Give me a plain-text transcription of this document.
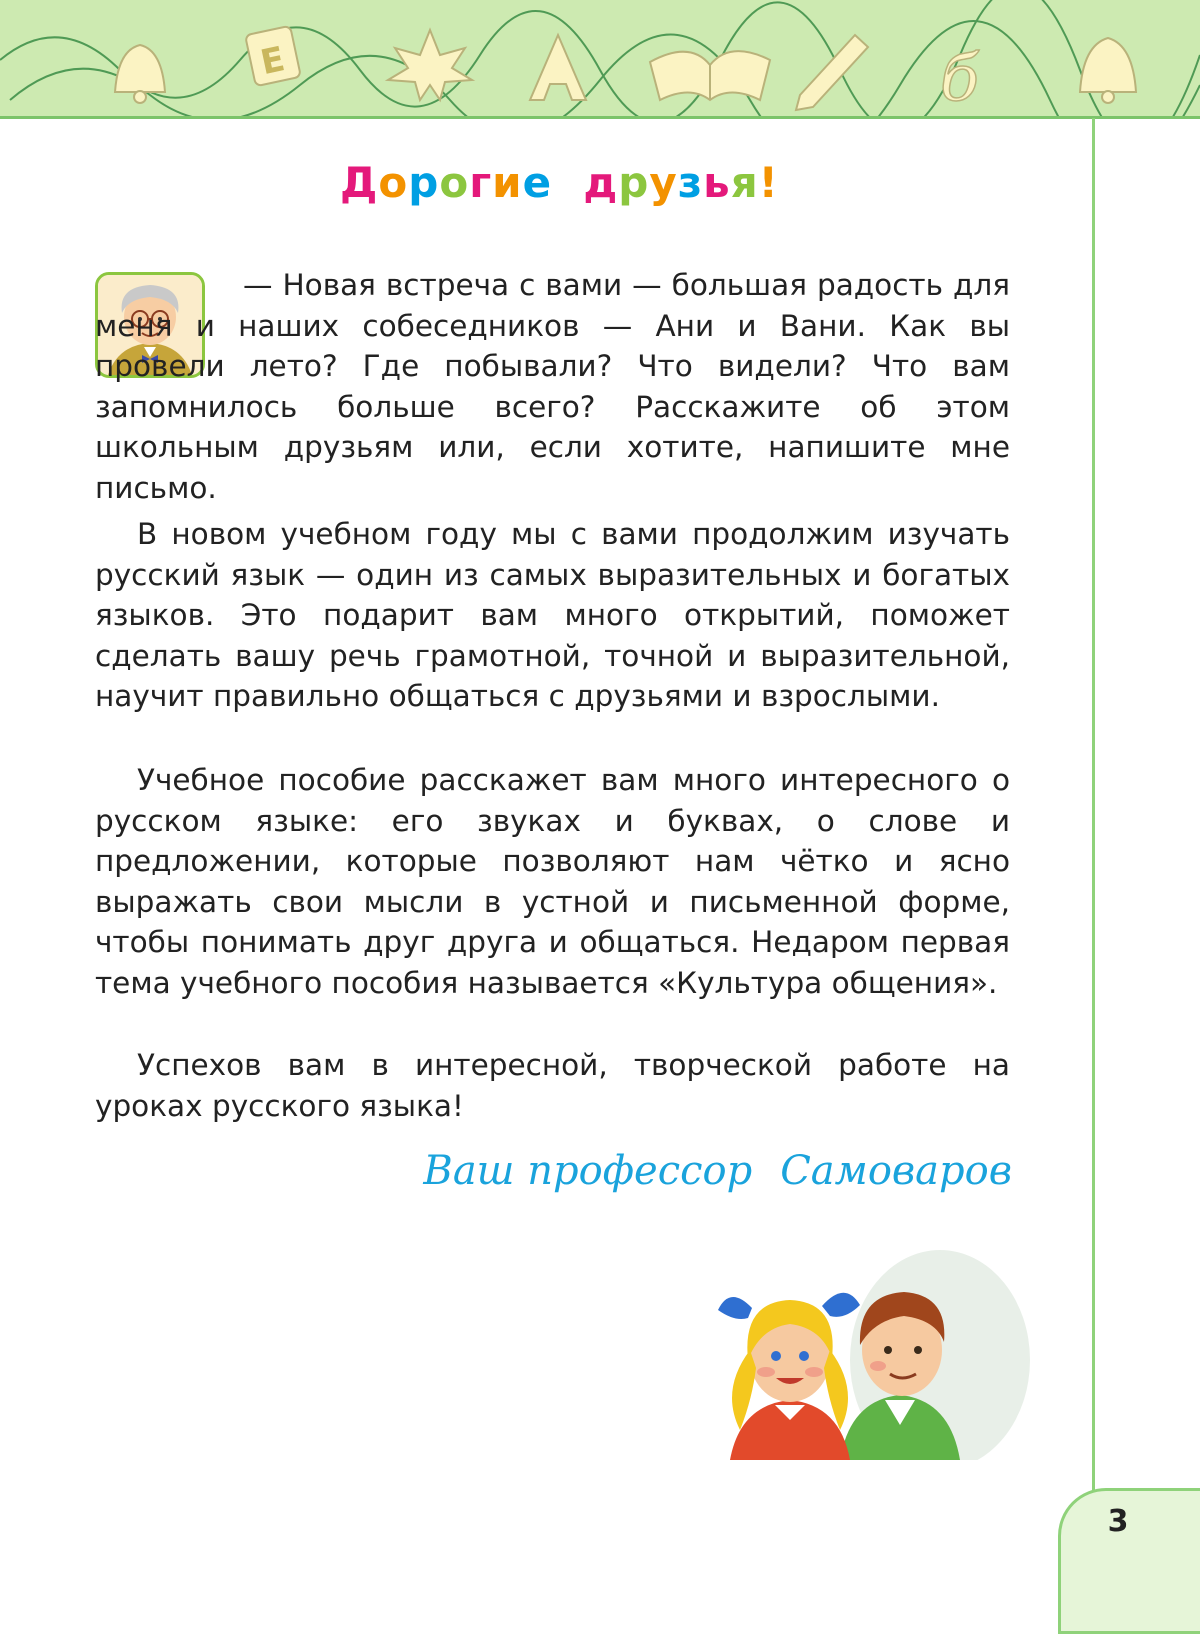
Е	б
Дорогие друзья!

— Новая встреча с вами — большая радость для меня и наших собеседников — Ани и Вани. Как вы провели лето? Где побывали? Что видели? Что вам запомнилось больше всего? Расскажите об этом школьным друзьям или, если хотите, напишите мне письмо.

В новом учебном году мы с вами продолжим изучать русский язык — один из самых выразительных и богатых языков. Это подарит вам много открытий, поможет сделать вашу речь грамотной, точной и выразительной, научит правильно общаться с друзьями и взрослыми.

Учебное пособие расскажет вам много интересного о русском языке: его звуках и буквах, о слове и предложении, которые позволяют нам чётко и ясно выражать свои мысли в устной и письменной форме, чтобы понимать друг друга и общаться. Недаром первая тема учебного пособия называется «Культура общения».

Успехов вам в интересной, творческой работе на уроках русского языка!

Ваш профессор Самоваров
3
